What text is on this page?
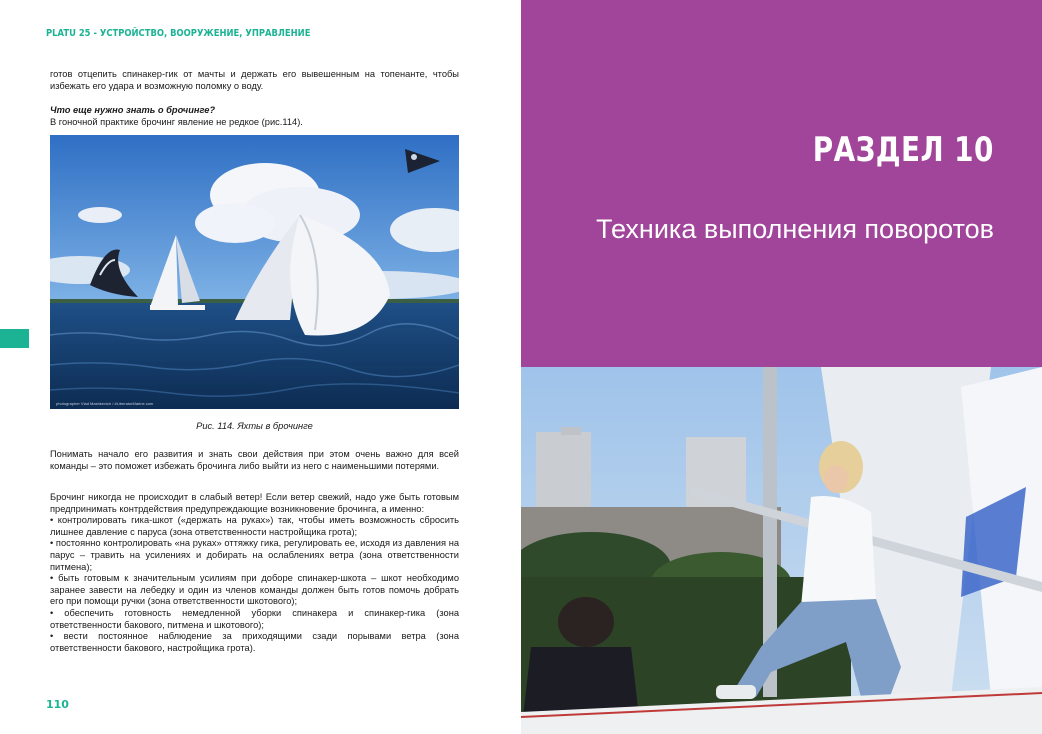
PLATU 25 - УСТРОЙСТВО, ВООРУЖЕНИЕ, УПРАВЛЕНИЕ

готов отцепить спинакер-гик от мачты и держать его вывешенным на топенанте, чтобы избежать его удара и возможную поломку о воду.

Что еще нужно знать о брочинге?
В гоночной практике брочинг явление не редкое (рис.114).

photographer Vlad Mashkevich / #LiberatorMarine.com
Рис. 114. Яхты в брочинге

Понимать начало его развития и знать свои действия при этом очень важно для всей команды – это поможет избежать брочинга либо выйти из него с наименьшими потерями.

Брочинг никогда не происходит в слабый ветер! Если ветер свежий, надо уже быть готовым предпринимать контрдействия предупреждающие возникновение брочинга, а именно:
• контролировать гика-шкот («держать на руках») так, чтобы иметь возможность сбросить лишнее давление с паруса (зона ответственности настройщика грота);
• постоянно контролировать «на руках» оттяжку гика, регулировать ее, исходя из давления на парус – травить на усилениях и добирать на ослаблениях ветра (зона ответственности питмена);
• быть готовым к значительным усилиям при доборе спинакер-шкота – шкот необходимо заранее завести на лебедку и один из членов команды должен быть готов помочь добрать его при помощи ручки (зона ответственности шкотового);
• обеспечить готовность немедленной уборки спинакера и спинакер-гика (зона ответственности бакового, питмена и шкотового);
• вести постоянное наблюдение за приходящими сзади порывами ветра (зона ответственности бакового, настройщика грота).

110
РАЗДЕЛ 10
Техника выполнения поворотов
